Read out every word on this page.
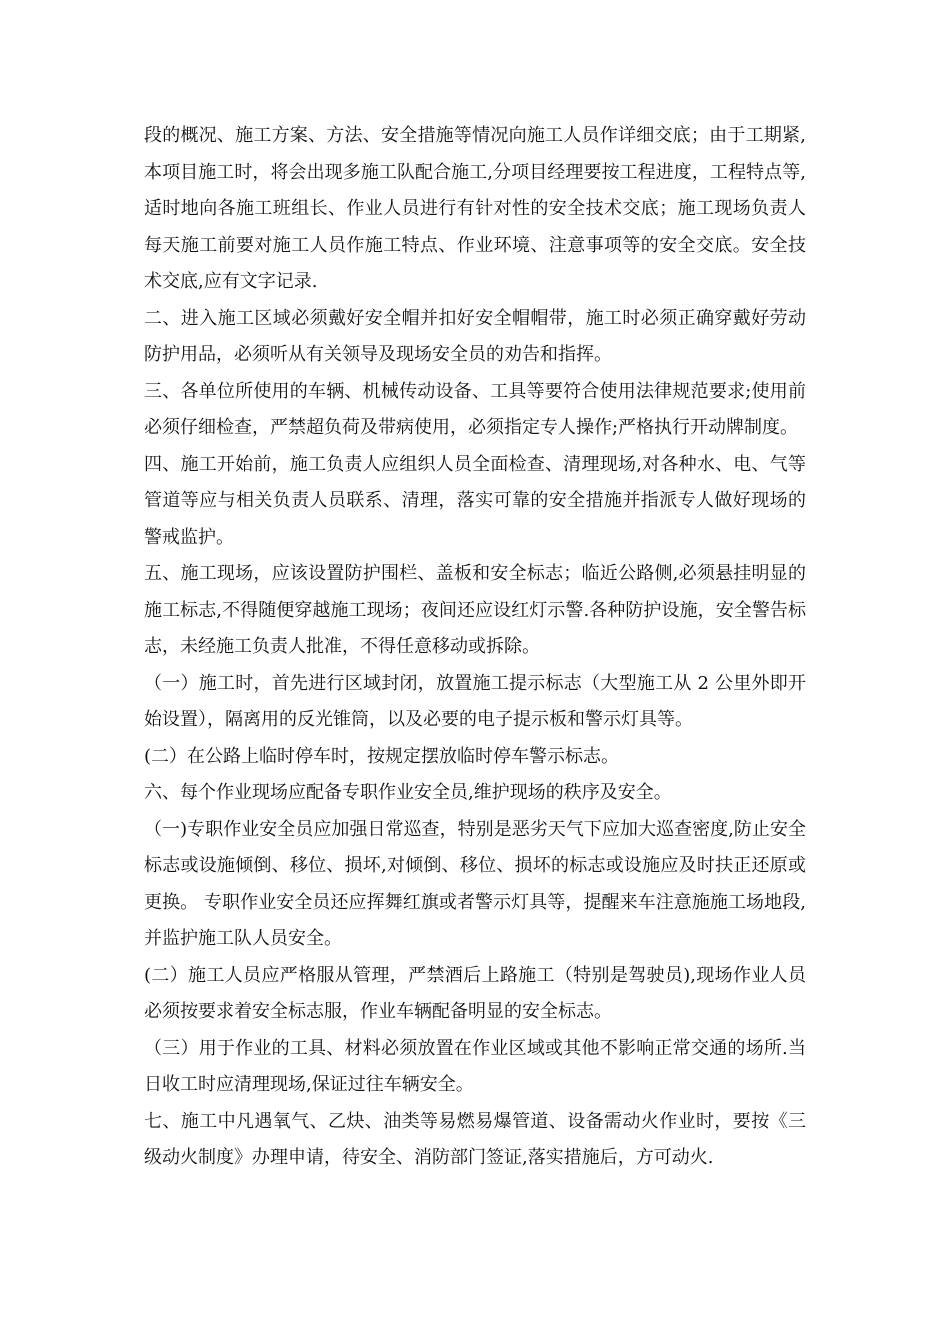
段的概况、施工方案、方法、安全措施等情况向施工人员作详细交底；由于工期紧,本项目施工时，将会出现多施工队配合施工,分项目经理要按工程进度，工程特点等,适时地向各施工班组长、作业人员进行有针对性的安全技术交底；施工现场负责人每天施工前要对施工人员作施工特点、作业环境、注意事项等的安全交底。安全技术交底,应有文字记录.

二、进入施工区域必须戴好安全帽并扣好安全帽帽带，施工时必须正确穿戴好劳动防护用品，必须听从有关领导及现场安全员的劝告和指挥。

三、各单位所使用的车辆、机械传动设备、工具等要符合使用法律规范要求;使用前必须仔细检查，严禁超负荷及带病使用，必须指定专人操作;严格执行开动牌制度。

四、施工开始前，施工负责人应组织人员全面检查、清理现场,对各种水、电、气等管道等应与相关负责人员联系、清理，落实可靠的安全措施并指派专人做好现场的警戒监护。

五、施工现场，应该设置防护围栏、盖板和安全标志；临近公路侧,必须悬挂明显的施工标志,不得随便穿越施工现场；夜间还应设红灯示警.各种防护设施，安全警告标志，未经施工负责人批准，不得任意移动或拆除。

（一）施工时，首先进行区域封闭，放置施工提示标志（大型施工从 2 公里外即开始设置），隔离用的反光锥筒，以及必要的电子提示板和警示灯具等。

(二）在公路上临时停车时，按规定摆放临时停车警示标志。

六、每个作业现场应配备专职作业安全员,维护现场的秩序及安全。

（一)专职作业安全员应加强日常巡查，特别是恶劣天气下应加大巡查密度,防止安全标志或设施倾倒、移位、损坏,对倾倒、移位、损坏的标志或设施应及时扶正还原或更换。 专职作业安全员还应挥舞红旗或者警示灯具等，提醒来车注意施施工场地段,并监护施工队人员安全。

(二）施工人员应严格服从管理，严禁酒后上路施工（特别是驾驶员),现场作业人员必须按要求着安全标志服，作业车辆配备明显的安全标志。

（三）用于作业的工具、材料必须放置在作业区域或其他不影响正常交通的场所.当日收工时应清理现场,保证过往车辆安全。

七、施工中凡遇氧气、乙炔、油类等易燃易爆管道、设备需动火作业时，要按《三级动火制度》办理申请，待安全、消防部门签证,落实措施后，方可动火.
